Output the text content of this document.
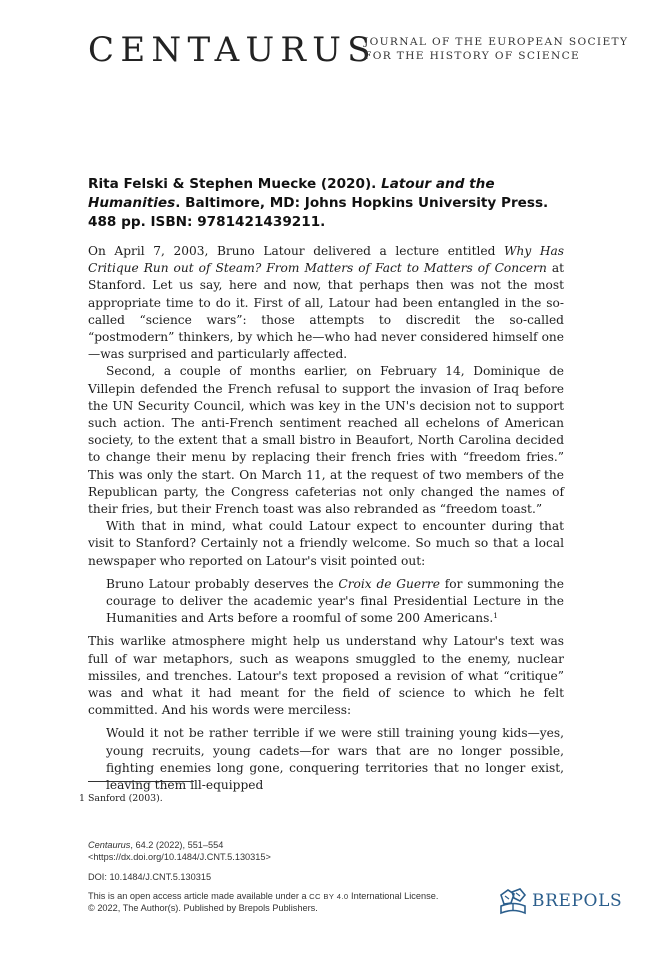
CENTAURUS
JOURNAL OF THE EUROPEAN SOCIETY
FOR THE HISTORY OF SCIENCE
Rita Felski & Stephen Muecke (2020). Latour and the Humanities. Baltimore, MD: Johns Hopkins University Press. 488 pp. ISBN: 9781421439211.

On April 7, 2003, Bruno Latour delivered a lecture entitled Why Has Critique Run out of Steam? From Matters of Fact to Matters of Concern at Stanford. Let us say, here and now, that perhaps then was not the most appropriate time to do it. First of all, Latour had been entangled in the so-called “science wars”: those attempts to discredit the so-called “postmodern” thinkers, by which he—who had never considered himself one—was surprised and particularly affected.

Second, a couple of months earlier, on February 14, Dominique de Villepin defended the French refusal to support the invasion of Iraq before the UN Security Council, which was key in the UN's decision not to support such action. The anti-French sentiment reached all echelons of American society, to the extent that a small bistro in Beaufort, North Carolina decided to change their menu by replacing their french fries with “freedom fries.” This was only the start. On March 11, at the request of two members of the Republican party, the Congress cafeterias not only changed the names of their fries, but their French toast was also rebranded as “freedom toast.”

With that in mind, what could Latour expect to encounter during that visit to Stanford? Certainly not a friendly welcome. So much so that a local newspaper who reported on Latour's visit pointed out:

Bruno Latour probably deserves the Croix de Guerre for summoning the courage to deliver the academic year's final Presidential Lecture in the Humanities and Arts before a roomful of some 200 Americans.$^1$

This warlike atmosphere might help us understand why Latour's text was full of war metaphors, such as weapons smuggled to the enemy, nuclear missiles, and trenches. Latour's text proposed a revision of what “critique” was and what it had meant for the field of science to which he felt committed. And his words were merciless:

Would it not be rather terrible if we were still training young kids—yes, young recruits, young cadets—for wars that are no longer possible, fighting enemies long gone, conquering territories that no longer exist, leaving them ill-equipped
1 Sanford (2003).
Centaurus, 64.2 (2022), 551–554
<https://dx.doi.org/10.1484/J.CNT.5.130315>
DOI: 10.1484/J.CNT.5.130315
This is an open access article made available under a CC BY 4.0 International License.
© 2022, The Author(s). Published by Brepols Publishers.	BREPOLS
